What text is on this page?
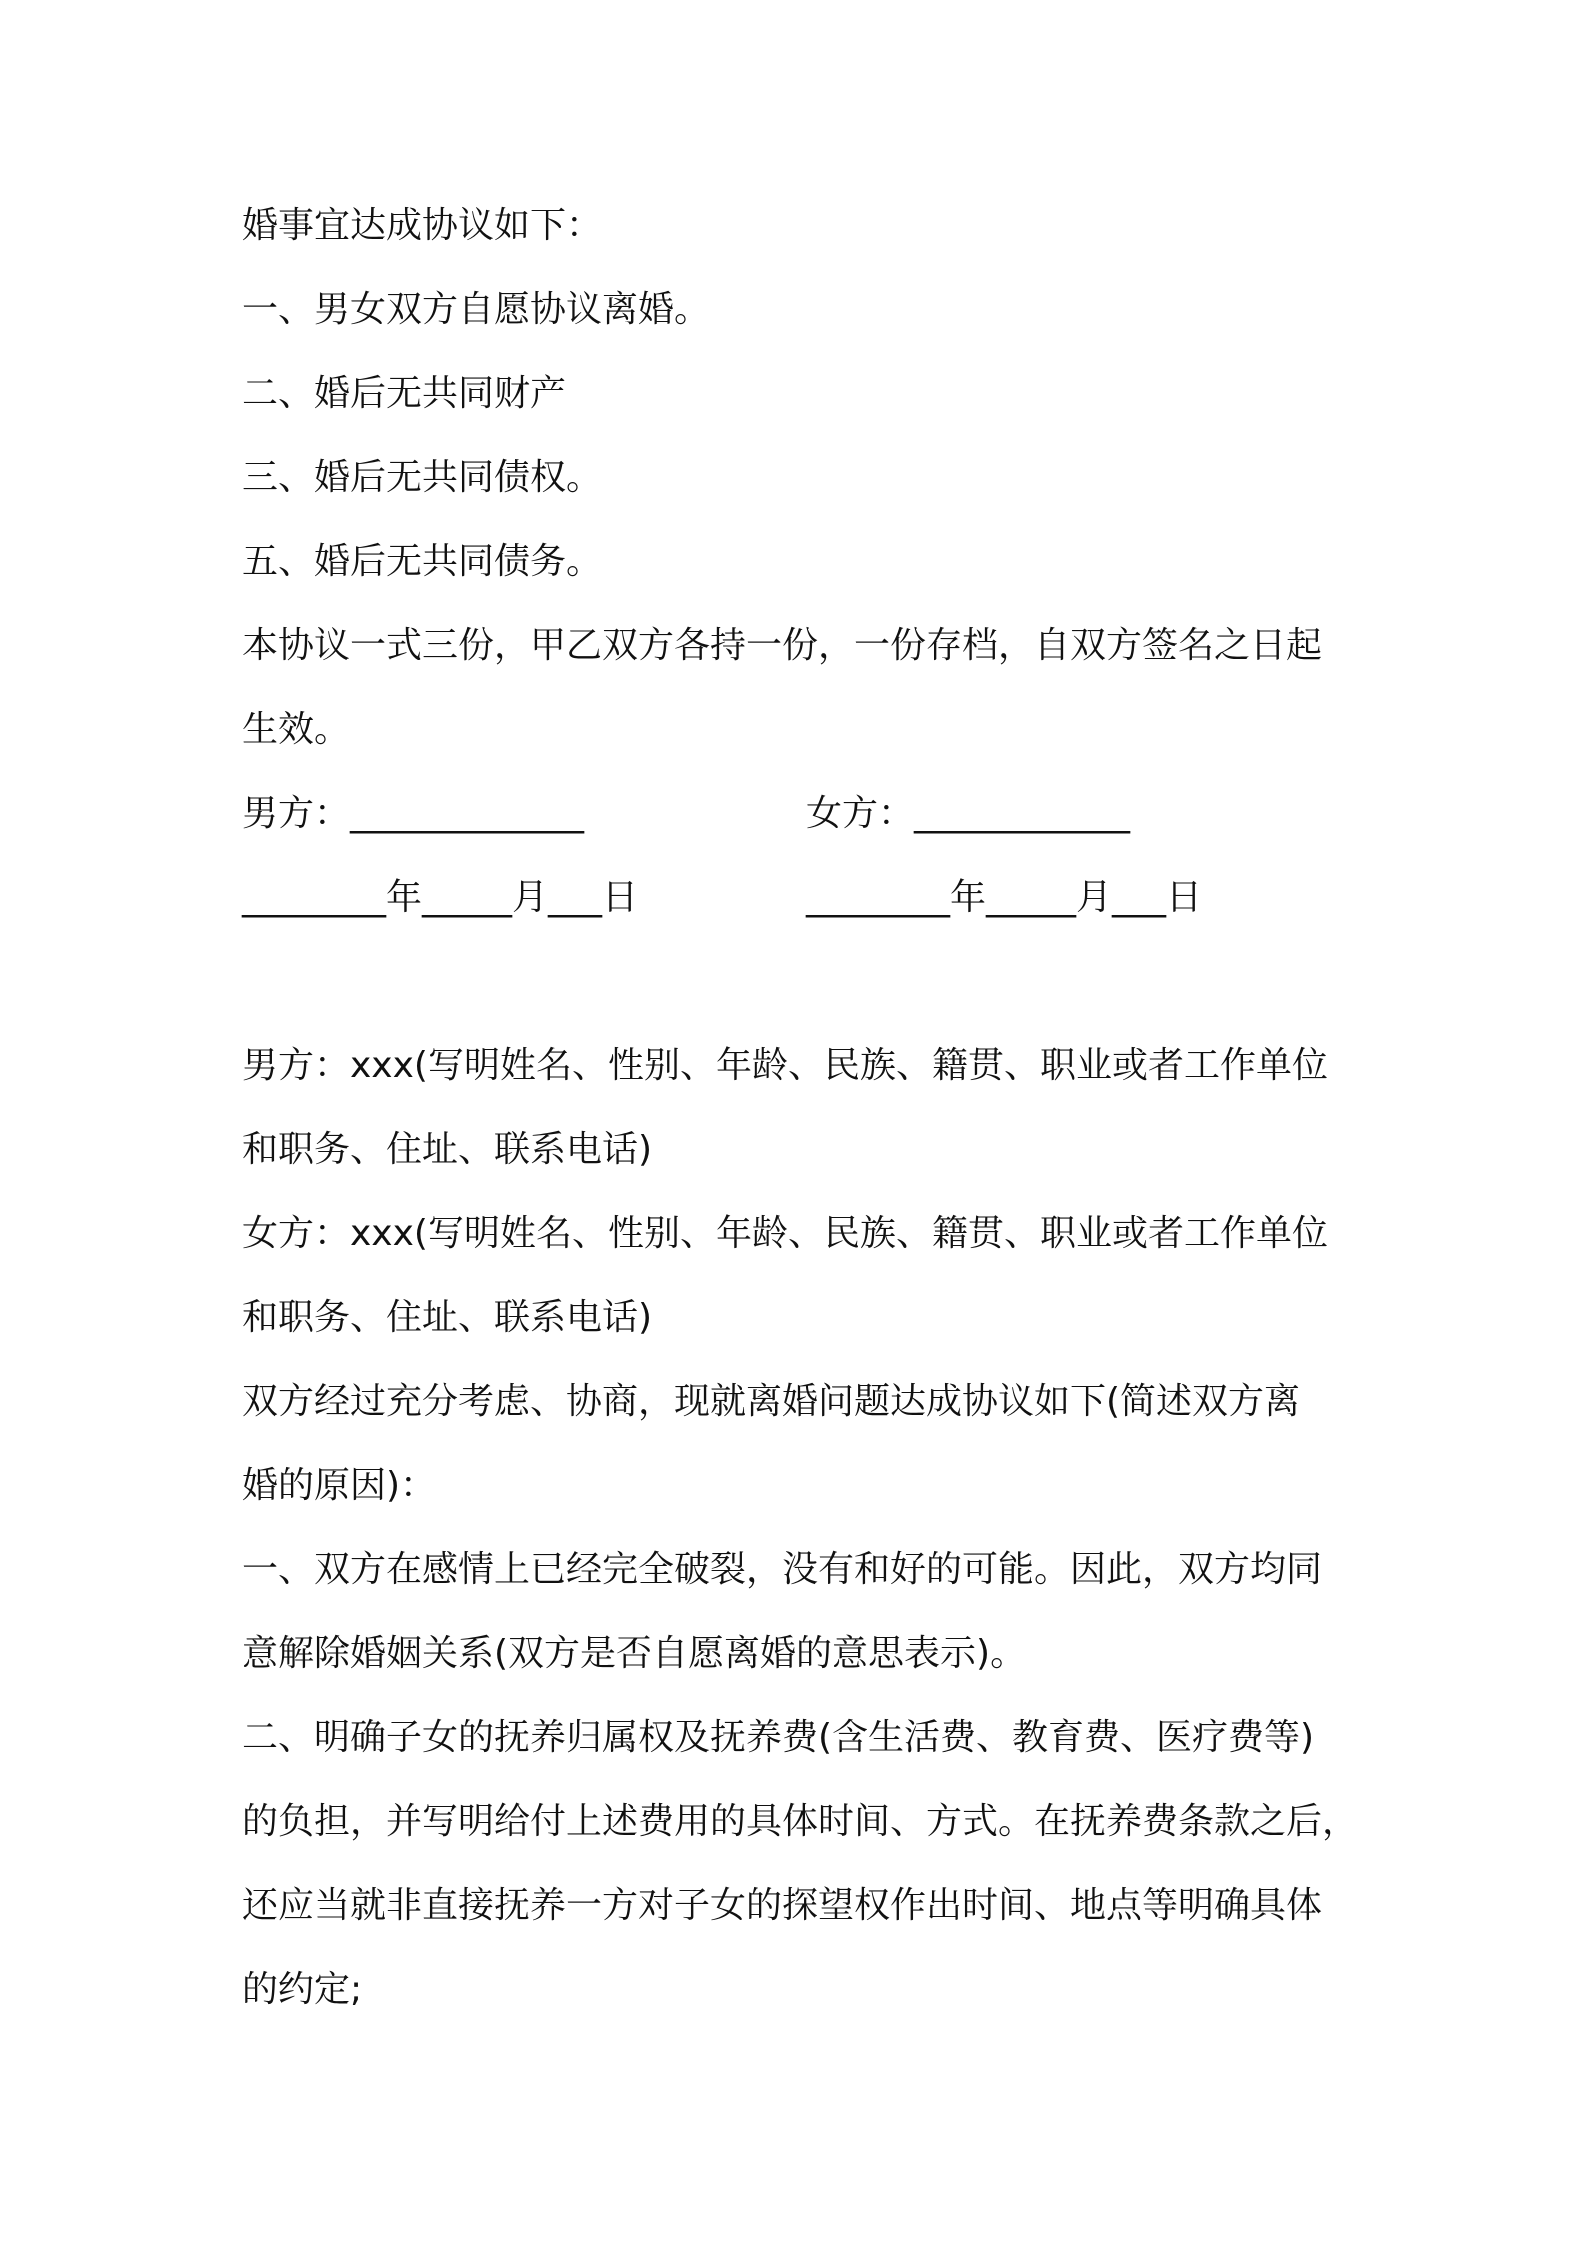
婚事宜达成协议如下：
一、男女双方自愿协议离婚。
二、婚后无共同财产
三、婚后无共同债权。
五、婚后无共同债务。
本协议一式三份，甲乙双方各持一份，一份存档，自双方签名之日起
生效。
男方：_____________	女方：____________
________年_____月___日	________年_____月___日
男方：xxx(写明姓名、性别、年龄、民族、籍贯、职业或者工作单位
和职务、住址、联系电话)
女方：xxx(写明姓名、性别、年龄、民族、籍贯、职业或者工作单位
和职务、住址、联系电话)
双方经过充分考虑、协商，现就离婚问题达成协议如下(简述双方离
婚的原因)：
一、双方在感情上已经完全破裂，没有和好的可能。因此，双方均同
意解除婚姻关系(双方是否自愿离婚的意思表示)。
二、明确子女的抚养归属权及抚养费(含生活费、教育费、医疗费等)
的负担，并写明给付上述费用的具体时间、方式。在抚养费条款之后，
还应当就非直接抚养一方对子女的探望权作出时间、地点等明确具体
的约定;
